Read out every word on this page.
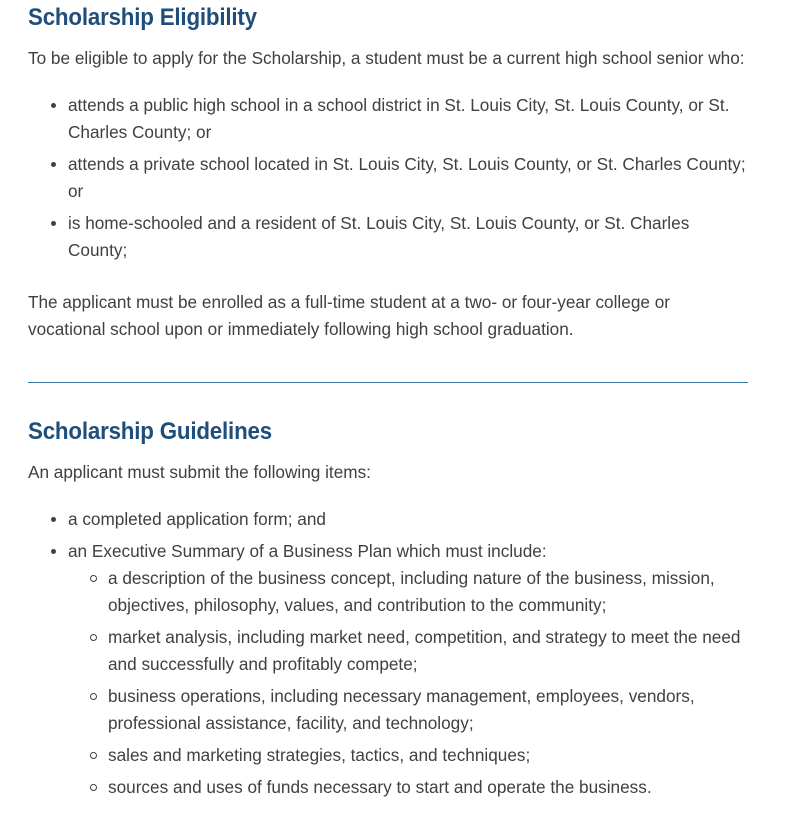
Scholarship Eligibility

To be eligible to apply for the Scholarship, a student must be a current high school senior who:

attends a public high school in a school district in St. Louis City, St. Louis County, or St. Charles County; or
attends a private school located in St. Louis City, St. Louis County, or St. Charles County; or
is home-schooled and a resident of St. Louis City, St. Louis County, or St. Charles County;

The applicant must be enrolled as a full-time student at a two- or four-year college or vocational school upon or immediately following high school graduation.

Scholarship Guidelines

An applicant must submit the following items:

a completed application form; and
an Executive Summary of a Business Plan which must include:
a description of the business concept, including nature of the business, mission, objectives, philosophy, values, and contribution to the community;
market analysis, including market need, competition, and strategy to meet the need and successfully and profitably compete;
business operations, including necessary management, employees, vendors, professional assistance, facility, and technology;
sales and marketing strategies, tactics, and techniques;
sources and uses of funds necessary to start and operate the business.
